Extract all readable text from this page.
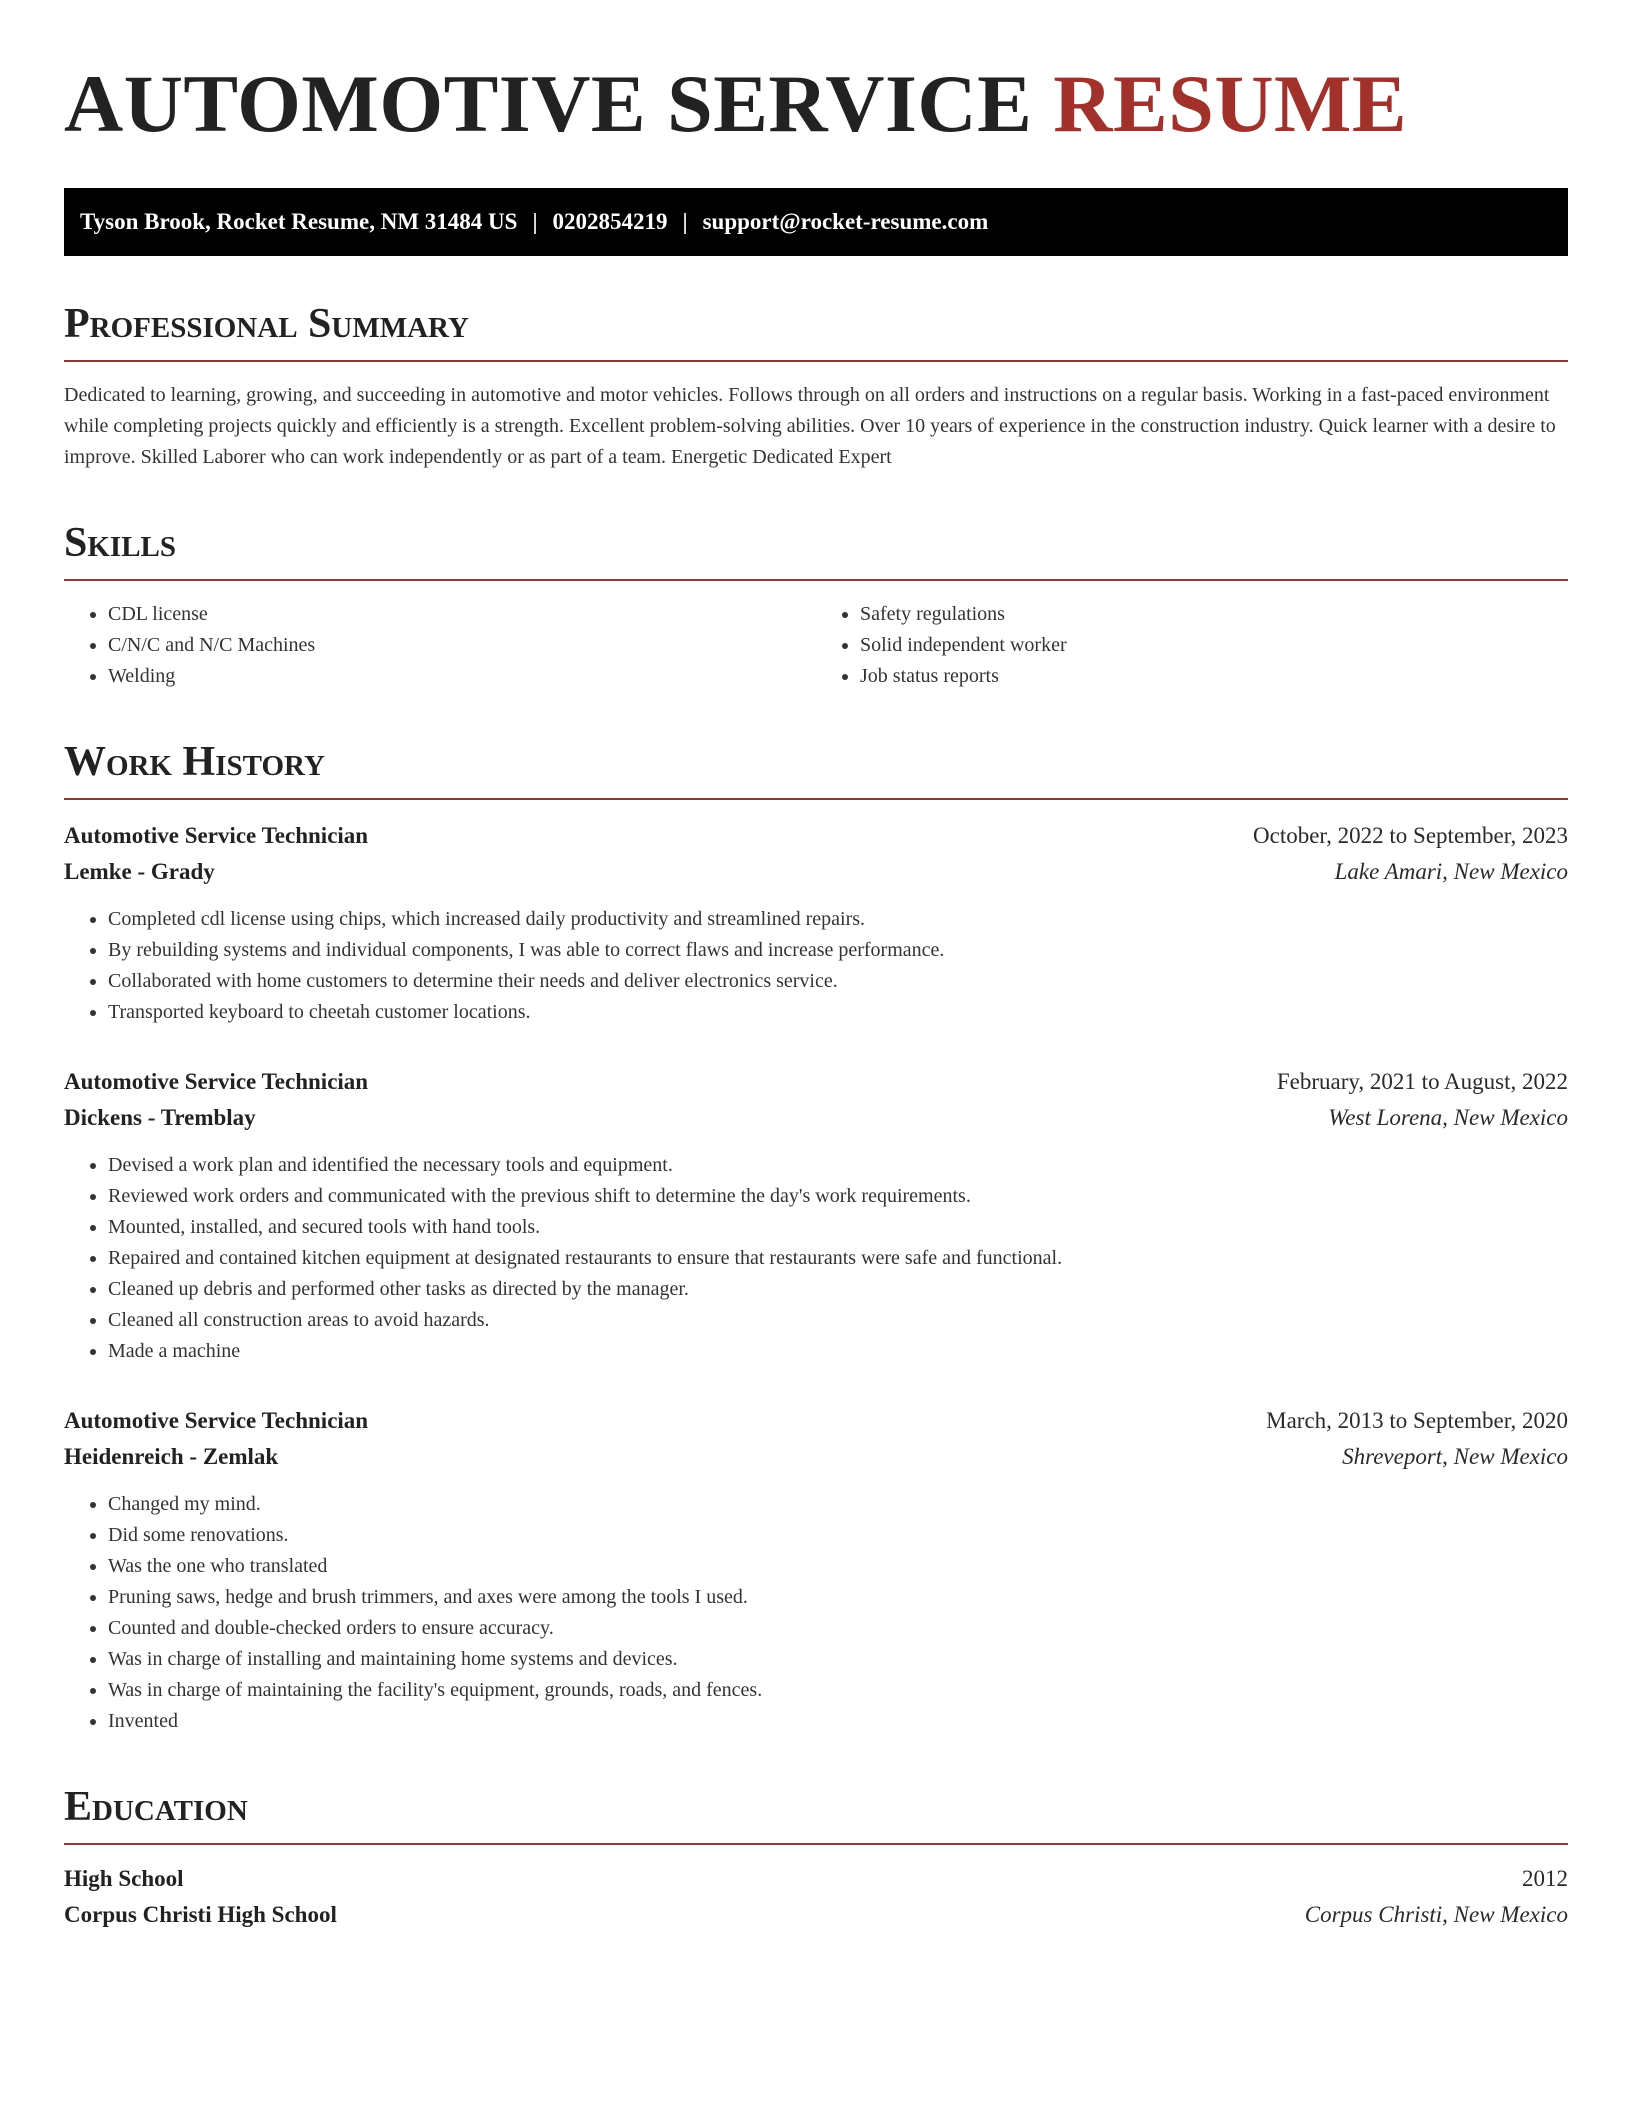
AUTOMOTIVE SERVICE RESUME
Tyson Brook, Rocket Resume, NM 31484 US | 0202854219 | support@rocket-resume.com
Professional Summary

Dedicated to learning, growing, and succeeding in automotive and motor vehicles. Follows through on all orders and instructions on a regular basis. Working in a fast-paced environment while completing projects quickly and efficiently is a strength. Excellent problem-solving abilities. Over 10 years of experience in the construction industry. Quick learner with a desire to improve. Skilled Laborer who can work independently or as part of a team. Energetic Dedicated Expert

Skills
• CDL license
• C/N/C and N/C Machines
• Welding
• Safety regulations
• Solid independent worker
• Job status reports
Work History
Automotive Service Technician	October, 2022 to September, 2023
Lemke - Grady	Lake Amari, New Mexico
• Completed cdl license using chips, which increased daily productivity and streamlined repairs.
• By rebuilding systems and individual components, I was able to correct flaws and increase performance.
• Collaborated with home customers to determine their needs and deliver electronics service.
• Transported keyboard to cheetah customer locations.
Automotive Service Technician	February, 2021 to August, 2022
Dickens - Tremblay	West Lorena, New Mexico
• Devised a work plan and identified the necessary tools and equipment.
• Reviewed work orders and communicated with the previous shift to determine the day's work requirements.
• Mounted, installed, and secured tools with hand tools.
• Repaired and contained kitchen equipment at designated restaurants to ensure that restaurants were safe and functional.
• Cleaned up debris and performed other tasks as directed by the manager.
• Cleaned all construction areas to avoid hazards.
• Made a machine
Automotive Service Technician	March, 2013 to September, 2020
Heidenreich - Zemlak	Shreveport, New Mexico
• Changed my mind.
• Did some renovations.
• Was the one who translated
• Pruning saws, hedge and brush trimmers, and axes were among the tools I used.
• Counted and double-checked orders to ensure accuracy.
• Was in charge of installing and maintaining home systems and devices.
• Was in charge of maintaining the facility's equipment, grounds, roads, and fences.
• Invented
Education
High School	2012
Corpus Christi High School	Corpus Christi, New Mexico
